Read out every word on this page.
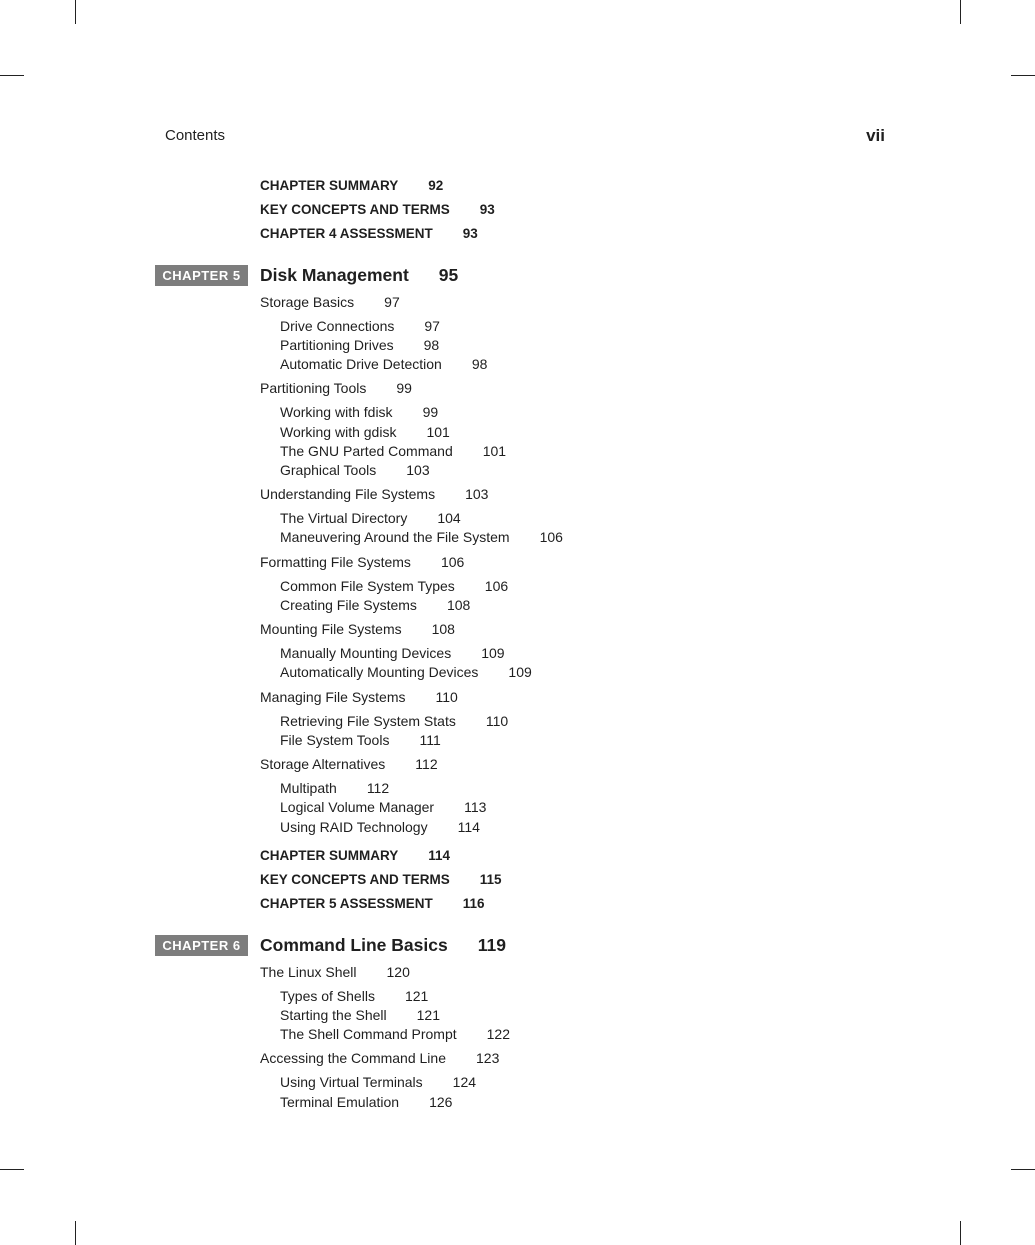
Contents	vii
CHAPTER SUMMARY 92
KEY CONCEPTS AND TERMS 93
CHAPTER 4 ASSESSMENT 93
CHAPTER 5	Disk Management 95
Storage Basics 97
Drive Connections 97
Partitioning Drives 98
Automatic Drive Detection 98
Partitioning Tools 99
Working with fdisk 99
Working with gdisk 101
The GNU Parted Command 101
Graphical Tools 103
Understanding File Systems 103
The Virtual Directory 104
Maneuvering Around the File System 106
Formatting File Systems 106
Common File System Types 106
Creating File Systems 108
Mounting File Systems 108
Manually Mounting Devices 109
Automatically Mounting Devices 109
Managing File Systems 110
Retrieving File System Stats 110
File System Tools 111
Storage Alternatives 112
Multipath 112
Logical Volume Manager 113
Using RAID Technology 114
CHAPTER SUMMARY 114
KEY CONCEPTS AND TERMS 115
CHAPTER 5 ASSESSMENT 116
CHAPTER 6	Command Line Basics 119
The Linux Shell 120
Types of Shells 121
Starting the Shell 121
The Shell Command Prompt 122
Accessing the Command Line 123
Using Virtual Terminals 124
Terminal Emulation 126
